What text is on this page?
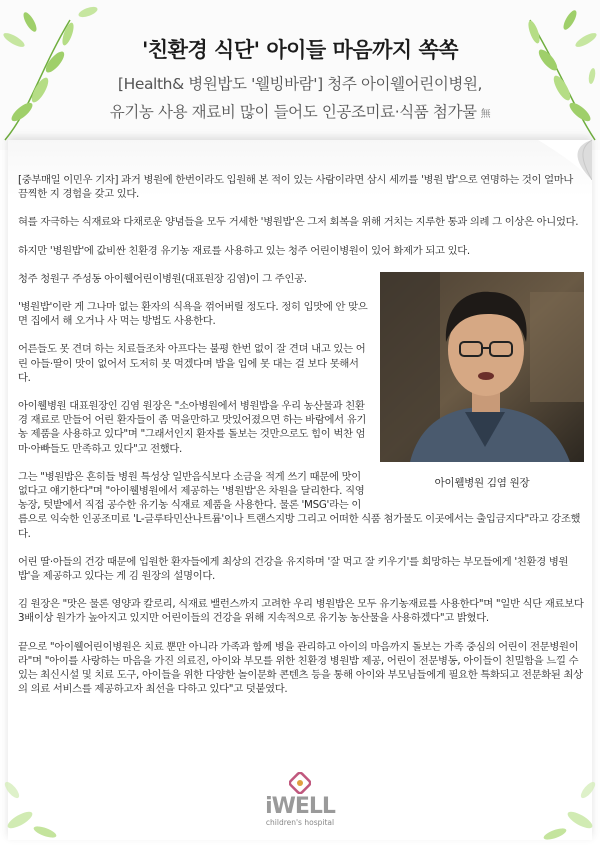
'친환경 식단' 아이들 마음까지 쏙쏙
[Health& 병원밥도 '웰빙바람'] 청주 아이웰어린이병원,
유기농 사용 재료비 많이 들어도 인공조미료·식품 첨가물 無

[중부매일 이민우 기자] 과거 병원에 한번이라도 입원해 본 적이 있는 사람이라면 삼시 세끼를 '병원 밥'으로 연명하는 것이 얼마나 끔찍한 지 경험을 갖고 있다.

혀를 자극하는 식재료와 다채로운 양념들을 모두 거세한 '병원밥'은 그저 회복을 위해 거치는 지루한 통과 의례 그 이상은 아니었다.

하지만 '병원밥'에 값비싼 친환경 유기농 재료를 사용하고 있는 청주 어린이병원이 있어 화제가 되고 있다.

아이웰병원 김염 원장

청주 청원구 주성동 아이웰어린이병원(대표원장 김염)이 그 주인공.

'병원밥'이란 게 그나마 없는 환자의 식욕을 꺾어버릴 정도다. 정히 입맛에 안 맞으면 집에서 해 오거나 사 먹는 방법도 사용한다.

어른들도 못 견뎌 하는 치료들조차 아프다는 불평 한번 없이 잘 견뎌 내고 있는 어린 아들·딸이 맛이 없어서 도저히 못 먹겠다며 밥을 입에 못 대는 걸 보다 못해서다.

아이웰병원 대표원장인 김염 원장은 "소아병원에서 병원밥을 우리 농산물과 친환경 재료로 만들어 어린 환자들이 좀 먹을만하고 맛있어졌으면 하는 바람에서 유기농 제품을 사용하고 있다"며 "그래서인지 환자를 돌보는 것만으로도 힘이 벅찬 엄마·아빠들도 만족하고 있다"고 전했다.

그는 "병원밥은 흔히들 병원 특성상 일반음식보다 소금을 적게 쓰기 때문에 맛이 없다고 얘기한다"며 "아이웰병원에서 제공하는 '병원밥'은 차원을 달리한다. 직영 농장, 텃밭에서 직접 공수한 유기농 식재료 제품을 사용한다. 물론 'MSG'라는 이름으로 익숙한 인공조미료 'L-글루타민산나트륨'이나 트랜스지방 그리고 어떠한 식품 첨가물도 이곳에서는 출입금지다"라고 강조했다.

어린 딸·아들의 건강 때문에 입원한 환자들에게 최상의 건강을 유지하며 '잘 먹고 잘 키우기'를 희망하는 부모들에게 '친환경 병원밥'을 제공하고 있다는 게 김 원장의 설명이다.

김 원장은 "맛은 물론 영양과 칼로리, 식재료 밸런스까지 고려한 우리 병원밥은 모두 유기농재료를 사용한다"며 "일반 식단 재료보다 3배이상 원가가 높아지고 있지만 어린이들의 건강을 위해 지속적으로 유기농 농산물을 사용하겠다"고 밝혔다.

끝으로 "아이웰어린이병원은 치료 뿐만 아니라 가족과 함께 병을 관리하고 아이의 마음까지 돌보는 가족 중심의 어린이 전문병원이라"며 "아이를 사랑하는 마음을 가진 의료진, 아이와 부모를 위한 친환경 병원밥 제공, 어린이 전문병동, 아이들이 친밀함을 느낄 수 있는 최신시설 및 치료 도구, 아이들을 위한 다양한 놀이문화 콘텐츠 등을 통해 아이와 부모님들에게 필요한 특화되고 전문화된 최상의 의료 서비스를 제공하고자 최선을 다하고 있다"고 덧붙였다.

iWELL
children's hospital
